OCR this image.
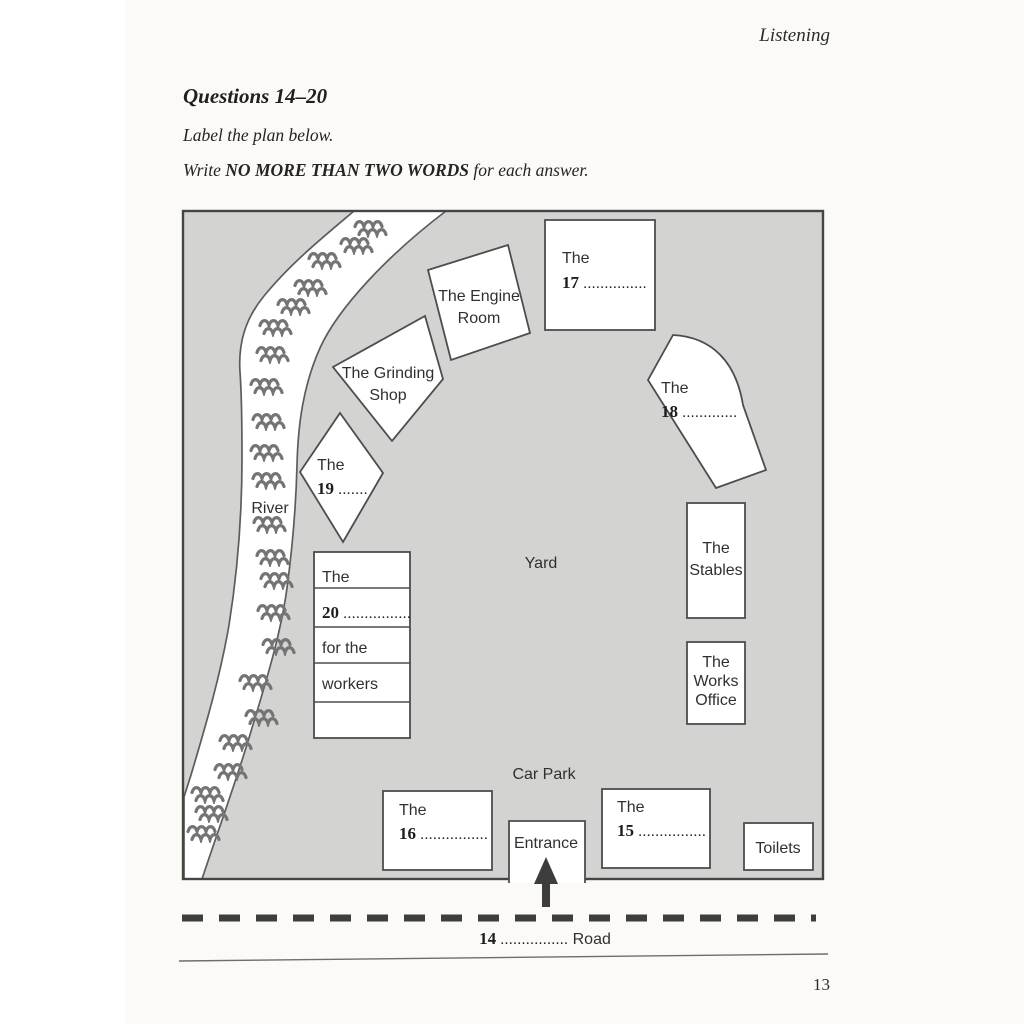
Listening
Questions 14–20
Label the plan below.
Write NO MORE THAN TWO WORDS for each answer.
River
The Engine
Room
The Grinding
Shop
The
17 ...............
The
18 .............
The
19 .......
The
20 ................
for the
workers
Yard
The
Stables
The
Works
Office
Car Park
The
16 ................
The
15 ................
Toilets
Entrance
14 ................ Road
13
